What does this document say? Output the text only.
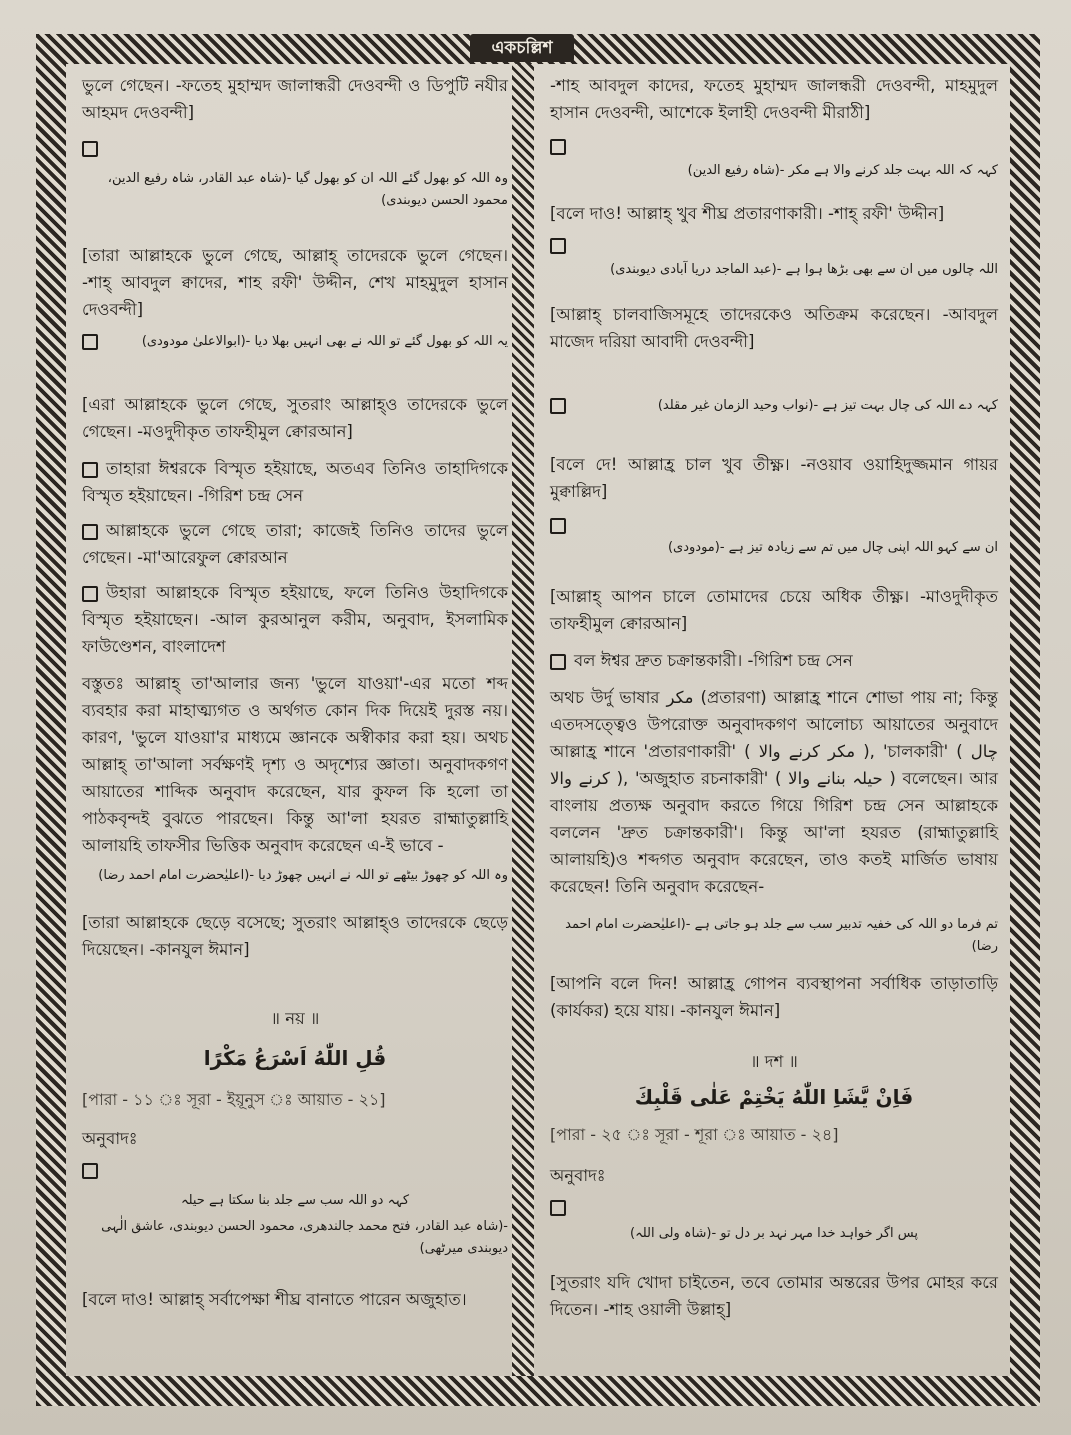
একচল্লিশ

ভুলে গেছেন। -ফতেহ মুহাম্মদ জালান্ধরী দেওবন্দী ও ডিপুটি নযীর আহমদ দেওবন্দী]

وہ اللہ کو بھول گئے اللہ ان کو بھول گیا -(شاہ عبد القادر، شاہ رفیع الدین، محمود الحسن دیوبندی)

[তারা আল্লাহকে ভুলে গেছে, আল্লাহ্ তাদেরকে ভুলে গেছেন। -শাহ্ আবদুল ক্বাদের, শাহ রফী' উদ্দীন, শেখ মাহমুদুল হাসান দেওবন্দী]

یہ اللہ کو بھول گئے تو اللہ نے بھی انہیں بھلا دیا -(ابوالاعلیٰ مودودی)

[এরা আল্লাহকে ভুলে গেছে, সুতরাং আল্লাহ্ও তাদেরকে ভুলে গেছেন। -মওদুদীকৃত তাফহীমুল ক্বোরআন]

তাহারা ঈশ্বরকে বিস্মৃত হইয়াছে, অতএব তিনিও তাহাদিগকে বিস্মৃত হইয়াছেন। -গিরিশ চন্দ্র সেন

আল্লাহকে ভুলে গেছে তারা; কাজেই তিনিও তাদের ভুলে গেছেন। -মা'আরেফুল ক্বোরআন

উহারা আল্লাহকে বিস্মৃত হইয়াছে, ফলে তিনিও উহাদিগকে বিস্মৃত হইয়াছেন। -আল কুরআনুল করীম, অনুবাদ, ইসলামিক ফাউণ্ডেশন, বাংলাদেশ

বস্তুতঃ আল্লাহ্ তা'আলার জন্য 'ভুলে যাওয়া'-এর মতো শব্দ ব্যবহার করা মাহাত্ম্যগত ও অর্থগত কোন দিক দিয়েই দুরস্ত নয়। কারণ, 'ভুলে যাওয়া'র মাধ্যমে জ্ঞানকে অস্বীকার করা হয়। অথচ আল্লাহ্ তা'আলা সর্বক্ষণই দৃশ্য ও অদৃশ্যের জ্ঞাতা। অনুবাদকগণ আয়াতের শাব্দিক অনুবাদ করেছেন, যার কুফল কি হলো তা পাঠকবৃন্দই বুঝতে পারছেন। কিন্তু আ'লা হযরত রাহ্মাতুল্লাহি আলায়হি তাফসীর ভিত্তিক অনুবাদ করেছেন এ-ই ভাবে -

وہ اللہ کو چھوڑ بیٹھے تو اللہ نے انہیں چھوڑ دیا -(اعلیٰحضرت امام احمد رضا)

[তারা আল্লাহকে ছেড়ে বসেছে; সুতরাং আল্লাহ্ও তাদেরকে ছেড়ে দিয়েছেন। -কানযুল ঈমান]

॥ নয় ॥

قُلِ اللّٰهُ اَسْرَعُ مَكْرًا

[পারা - ১১ ঃ সূরা - ইয়ূনুস ঃ আয়াত - ২১]

অনুবাদঃ

کہہ دو اللہ سب سے جلد بنا سکتا ہے حیلہ

-(شاہ عبد القادر، فتح محمد جالندھری، محمود الحسن دیوبندی، عاشق الٰہی دیوبندی میرٹھی)

[বলে দাও! আল্লাহ্ সর্বাপেক্ষা শীঘ্র বানাতে পারেন অজুহাত।

-শাহ আবদুল কাদের, ফতেহ মুহাম্মদ জালন্ধরী দেওবন্দী, মাহমুদুল হাসান দেওবন্দী, আশেকে ইলাহী দেওবন্দী মীরাঠী]

کہہ کہ اللہ بہت جلد کرنے والا ہے مکر -(شاہ رفیع الدین)

[বলে দাও! আল্লাহ্ খুব শীঘ্র প্রতারণাকারী। -শাহ্ রফী' উদ্দীন]

اللہ چالوں میں ان سے بھی بڑھا ہوا ہے -(عبد الماجد دریا آبادی دیوبندی)

[আল্লাহ্ চালবাজিসমূহে তাদেরকেও অতিক্রম করেছেন। -আবদুল মাজেদ দরিয়া আবাদী দেওবন্দী]

کہہ دے اللہ کی چال بہت تیز ہے -(نواب وحید الزمان غیر مقلد)

[বলে দে! আল্লাহ্র চাল খুব তীক্ষ্ণ। -নওয়াব ওয়াহিদুজ্জমান গায়র মুক্বাল্লিদ]

ان سے کہو اللہ اپنی چال میں تم سے زیادہ تیز ہے -(مودودی)

[আল্লাহ্ আপন চালে তোমাদের চেয়ে অধিক তীক্ষ্ণ। -মাওদুদীকৃত তাফহীমুল ক্বোরআন]

বল ঈশ্বর দ্রুত চক্রান্তকারী। -গিরিশ চন্দ্র সেন

অথচ উর্দু ভাষার مکر (প্রতারণা) আল্লাহ্র শানে শোভা পায় না; কিন্তু এতদসত্ত্বেও উপরোক্ত অনুবাদকগণ আলোচ্য আয়াতের অনুবাদে আল্লাহ্র শানে 'প্রতারণাকারী' ( مکر کرنے والا ), 'চালকারী' ( چال کرنے والا ), 'অজুহাত রচনাকারী' ( حیلہ بنانے والا ) বলেছেন। আর বাংলায় প্রত্যক্ষ অনুবাদ করতে গিয়ে গিরিশ চন্দ্র সেন আল্লাহকে বললেন 'দ্রুত চক্রান্তকারী'। কিন্তু আ'লা হযরত (রাহ্মাতুল্লাহি আলায়হি)ও শব্দগত অনুবাদ করেছেন, তাও কতই মার্জিত ভাষায় করেছেন! তিনি অনুবাদ করেছেন-

تم فرما دو اللہ کی خفیہ تدبیر سب سے جلد ہو جاتی ہے -(اعلیٰحضرت امام احمد رضا)

[আপনি বলে দিন! আল্লাহ্র গোপন ব্যবস্থাপনা সর্বাধিক তাড়াতাড়ি (কার্যকর) হয়ে যায়। -কানযুল ঈমান]

॥ দশ ॥

فَاِنْ يَّشَاِ اللّٰهُ يَخْتِمْ عَلٰى قَلْبِكَ

[পারা - ২৫ ঃ সূরা - শূরা ঃ আয়াত - ২৪]

অনুবাদঃ

پس اگر خواہد خدا مہر نہد بر دل تو -(شاہ ولی اللہ)

[সুতরাং যদি খোদা চাইতেন, তবে তোমার অন্তরের উপর মোহর করে দিতেন। -শাহ ওয়ালী উল্লাহ্]
